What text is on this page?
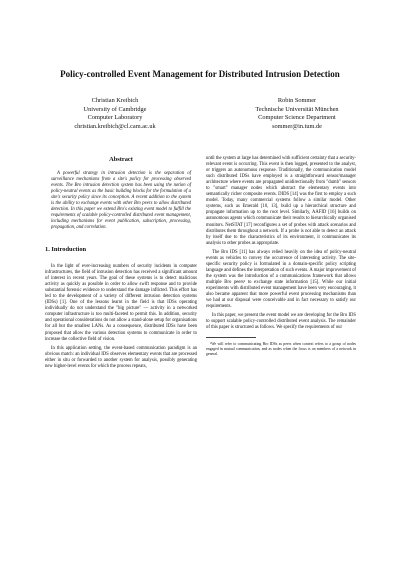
Policy-controlled Event Management for Distributed Intrusion Detection
Christian Kreibich
University of Cambridge
Computer Laboratory
christian.kreibich@cl.cam.ac.uk
Robin Sommer
Technische Universität München
Computer Science Department
sommer@in.tum.de
Abstract

A powerful strategy in intrusion detection is the separation of surveillance mechanisms from a site's policy for processing observed events. The Bro intrusion detection system has been using the notion of policy-neutral events as the basic building blocks for the formulation of a site's security policy since its conception. A recent addition to the system is the ability to exchange events with other Bro peers to allow distributed detection. In this paper we extend Bro's existing event model to fulfill the requirements of scalable policy-controlled distributed event management, including mechanisms for event publication, subscription, processing, propagation, and correlation.

1. Introduction

In the light of ever-increasing numbers of security incidents in computer infrastructures, the field of intrusion detection has received a significant amount of interest in recent years. The goal of these systems is to detect malicious activity as quickly as possible in order to allow swift response and to provide substantial forensic evidence to understand the damage inflicted. This effort has led to the development of a variety of different intrusion detection systems (IDSs) [1]. One of the lessons learnt in the field is that IDSs operating individually do not understand the "big picture" — activity in a networked computer infrastructure is too multi-faceted to permit this. In addition, security and operational considerations do not allow a stand-alone setup for organisations for all but the smallest LANs. As a consequence, distributed IDSs have been proposed that allow the various detection systems to communicate in order to increase the collective field of vision.

In this application setting, the event-based communication paradigm is an obvious match: an individual IDS observes elementary events that are processed either in situ or forwarded to another system for analysis, possibly generating new higher-level events for which the process repeats,

until the system at large has determined with sufficient certainty that a security-relevant event is occurring. This event is then logged, presented to the analyst, or triggers an autonomous response. Traditionally, the communication model such distributed IDSs have employed is a straightforward sensor/manager architecture where events are propagated unidirectionally from "dumb" sensors to "smart" manager nodes which abstract the elementary events into semantically richer composite events. DIDS [14] was the first to employ a such model. Today, many commercial systems follow a similar model. Other systems, such as Emerald [10, 13], build up a hierarchical structure and propagate information up to the root level. Similarly, AAFID [16] builds on autonomous agents which communicate their results to hierarchically organised monitors. NetSTAT [17] reconfigures a set of probes with attack scenarios and distributes them throughout a network. If a probe is not able to detect an attack by itself due to the characteristics of its environment, it communicates its analysis to other probes as appropriate.

The Bro IDS [11] has always relied heavily on the idea of policy-neutral events as vehicles to convey the occurrence of interesting activity. The site-specific security policy is formulated in a domain-specific policy scripting language and defines the interpretation of such events. A major improvement of the system was the introduction of a communications framework that allows multiple Bro peers¹ to exchange state information [15]. While our initial experiments with distributed event management have been very encouraging, it also became apparent that more powerful event processing mechanisms than we had at our disposal were conceivable and in fact necessary to satisfy our requirements.

In this paper, we present the event model we are developing for the Bro IDS to support scalable policy-controlled distributed event analysis. The remainder of this paper is structured as follows. We specify the requirements of our

¹We will refer to communicating Bro IDSs as peers when context refers to a group of nodes engaged in mutual communication, and as nodes when the focus is on members of a network in general.
